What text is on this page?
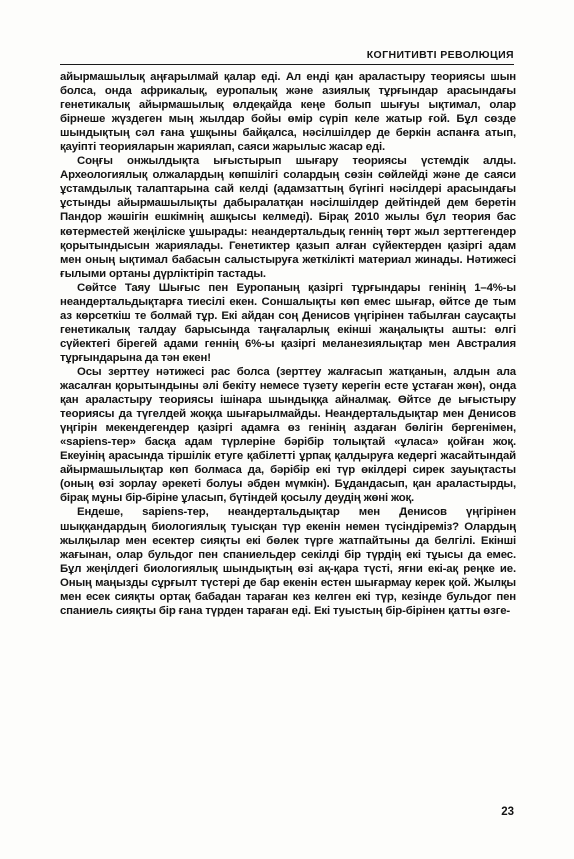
КОГНИТИВТІ РЕВОЛЮЦИЯ

айырмашылық аңғарылмай қалар еді. Ал енді қан араластыру теориясы шын болса, онда африкалық, еуропалық және азиялық тұрғындар арасындағы генетикалық айырмашылық өлдеқайда кеңе болып шығуы ықтимал, олар бірнеше жүздеген мың жылдар бойы өмір сүріп келе жатыр ғой. Бұл сөзде шындықтың сәл ғана ұшқыны байқалса, нәсілшілдер де беркін аспанға атып, қауіпті теорияларын жариялап, саяси жарылыс жасар еді.

Соңғы онжылдықта ығыстырып шығару теориясы үстемдік алды. Археологиялық олжалардың көпшілігі солардың сөзін сөйлейді және де саяси ұстамдылық талаптарына сай келді (адамзаттың бүгінгі нәсілдері арасындағы ұстынды айырмашылықты дабыралатқан нәсілшілдер дейтіндей дем беретін Пандор жәшігін ешкімнің ашқысы келмеді). Бірақ 2010 жылы бұл теория бас көтерместей жеңіліске ұшырады: неандертальдық геннің төрт жыл зерттегендер қорытындысын жариялады. Генетиктер қазып алған сүйектерден қазіргі адам мен оның ықтимал бабасын салыстыруға жеткілікті материал жинады. Нәтижесі ғылыми ортаны дүрліктіріп тастады.

Сөйтсе Таяу Шығыс пен Еуропаның қазіргі тұрғындары генінің 1–4%-ы неандертальдықтарға тиесілі екен. Соншалықты көп емес шығар, өйтсе де тым аз көрсеткіш те болмай тұр. Екі айдан соң Денисов үңгірінен табылған саусақты генетикалық талдау барысында таңғаларлық екінші жаңалықты ашты: өлгі сүйектегі бірегей адами геннің 6%-ы қазіргі меланезиялықтар мен Австралия тұрғындарына да тән екен!

Осы зерттеу нәтижесі рас болса (зерттеу жалғасып жатқанын, алдын ала жасалған қорытындыны әлі бекіту немесе түзету керегін есте ұстаған жөн), онда қан араластыру теориясы ішінара шындыққа айналмақ. Өйтсе де ығыстыру теориясы да түгелдей жоққа шығарылмайды. Неандертальдықтар мен Денисов үңгірін мекендегендер қазіргі адамға өз генінің аздаған бөлігін бергенімен, «sapiens-тер» басқа адам түрлеріне бәрібір толықтай «ұласа» қойған жоқ. Екеуінің арасында тіршілік етуге қабілетті ұрпақ қалдыруға кедергі жасайтындай айырмашылықтар көп болмаса да, бәрібір екі түр өкілдері сирек зауықтасты (оның өзі зорлау әрекеті болуы әбден мүмкін). Бұдандасып, қан араластырды, бірақ мұны бір-біріне ұласып, бүтіндей қосылу деудің жөні жоқ.

Ендеше, sapiens-тер, неандертальдықтар мен Денисов үңгірінен шыққандардың биологиялық туысқан түр екенін немен түсіндіреміз? Олардың жылқылар мен есектер сияқты екі бөлек түрге жатпайтыны да белгілі. Екінші жағынан, олар бульдог пен спаниельдер секілді бір түрдің екі тұысы да емес. Бұл жеңілдегі биологиялық шындықтың өзі ақ-қара түсті, яғни екі-ақ реңке ие. Оның маңызды сұрғылт түстері де бар екенін естен шығармау керек қой. Жылқы мен есек сияқты ортақ бабадан тараған кез келген екі түр, кезінде бульдог пен спаниель сияқты бір ғана түрден тараған еді. Екі туыстың бір-бірінен қатты өзге-

23
